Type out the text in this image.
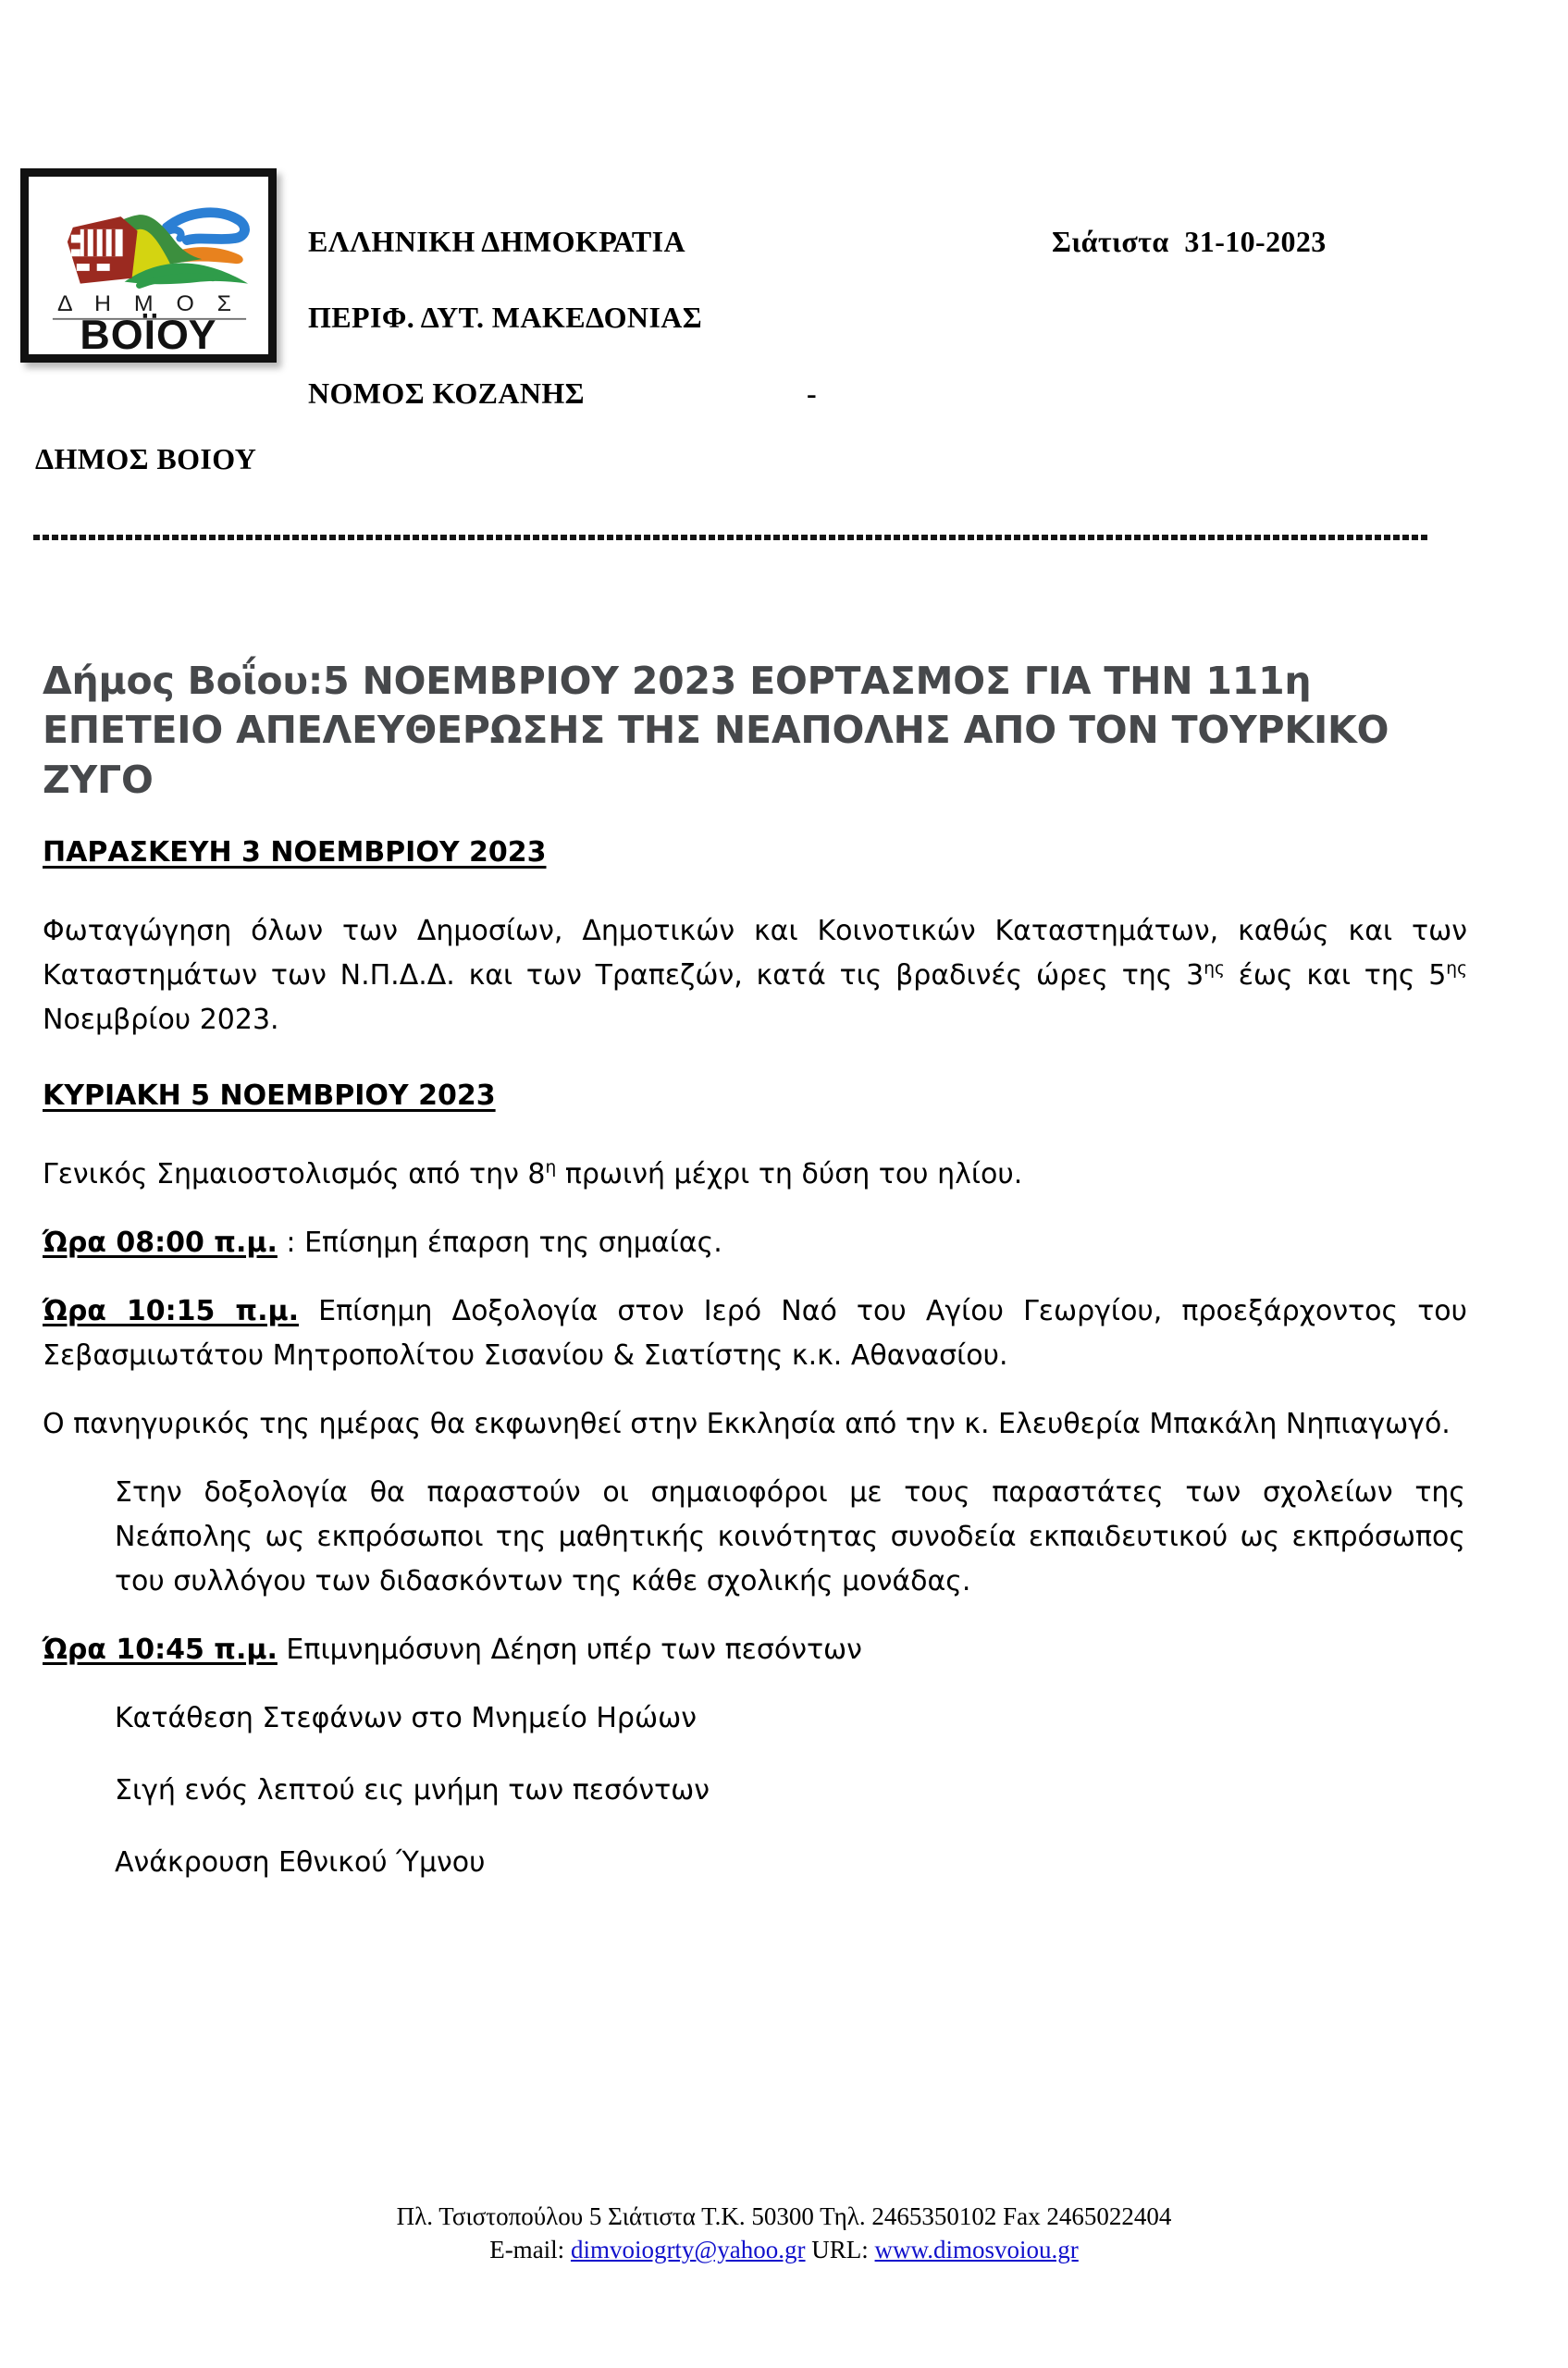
Δ Η Μ Ο Σ
ΒΟΪΟΥ
ΕΛΛΗΝΙΚΗ ΔΗΜΟΚΡΑΤΙΑ
ΠΕΡΙΦ. ΔΥΤ. ΜΑΚΕΔΟΝΙΑΣ
ΝΟΜΟΣ ΚΟΖΑΝΗΣ	-
ΔΗΜΟΣ ΒΟΙΟΥ
Σιάτιστα  31-10-2023
Δήμος Βοΐου:5 ΝΟΕΜΒΡΙΟΥ 2023 ΕΟΡΤΑΣΜΟΣ ΓΙΑ ΤΗΝ 111η ΕΠΕΤΕΙΟ ΑΠΕΛΕΥΘΕΡΩΣΗΣ ΤΗΣ ΝΕΑΠΟΛΗΣ ΑΠΟ ΤΟΝ ΤΟΥΡΚΙΚΟ ΖΥΓΟ
ΠΑΡΑΣΚΕΥΗ 3 ΝΟΕΜΒΡΙΟΥ 2023

Φωταγώγηση όλων των Δημοσίων, Δημοτικών και Κοινοτικών Καταστημάτων, καθώς και των Καταστημάτων των Ν.Π.Δ.Δ. και των Τραπεζών, κατά τις βραδινές ώρες της $3^{\eta\varsigma}$ έως και της $5^{\eta\varsigma}$ Νοεμβρίου 2023.

ΚΥΡΙΑΚΗ 5 ΝΟΕΜΒΡΙΟΥ 2023

Γενικός Σημαιοστολισμός από την $8^\eta$ πρωινή μέχρι τη δύση του ηλίου.

Ώρα 08:00 π.μ. : Επίσημη έπαρση της σημαίας.

Ώρα 10:15 π.μ. Επίσημη Δοξολογία στον Ιερό Ναό του Αγίου Γεωργίου, προεξάρχοντος του Σεβασμιωτάτου Μητροπολίτου Σισανίου & Σιατίστης κ.κ. Αθανασίου.

Ο πανηγυρικός της ημέρας θα εκφωνηθεί στην Εκκλησία από την κ. Ελευθερία Μπακάλη Νηπιαγωγό.

Στην δοξολογία θα παραστούν οι σημαιοφόροι με τους παραστάτες των σχολείων της Νεάπολης ως εκπρόσωποι της μαθητικής κοινότητας συνοδεία εκπαιδευτικού ως εκπρόσωπος του συλλόγου των διδασκόντων της κάθε σχολικής μονάδας.

Ώρα 10:45 π.μ. Επιμνημόσυνη Δέηση υπέρ των πεσόντων

Κατάθεση Στεφάνων στο Μνημείο Ηρώων

Σιγή ενός λεπτού εις μνήμη των πεσόντων

Ανάκρουση Εθνικού Ύμνου

Πλ. Τσιστοπούλου 5 Σιάτιστα Τ.Κ. 50300 Τηλ. 2465350102 Fax 2465022404
E-mail: dimvoiogrty@yahoo.gr URL: www.dimosvoiou.gr
